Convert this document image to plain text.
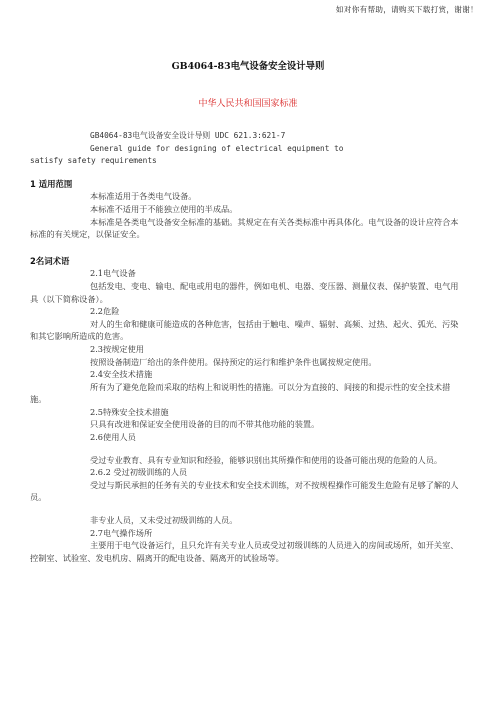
如对你有帮助，请购买下载打赏，谢谢！
GB4064-83电气设备安全设计导则
中华人民共和国国家标准

GB4064-83电气设备安全设计导则 UDC 621.3:621-7

General guide for designing of electrical equipment to

satisfy safety requirements

1 适用范围

本标准适用于各类电气设备。

本标准不适用于不能独立使用的半成品。

本标准是各类电气设备安全标准的基础。其规定在有关各类标准中再具体化。电气设备的设计应符合本标准的有关规定，以保证安全。

2名词术语

2.1电气设备

包括发电、变电、输电、配电或用电的器件，例如电机、电器、变压器、测量仪表、保护装置、电气用具（以下简称设备）。

2.2危险

对人的生命和健康可能造成的各种危害，包括由于触电、噪声、辐射、高频、过热、起火、弧光、污染和其它影响所造成的危害。

2.3按规定使用

按照设备制造厂给出的条件使用。保持预定的运行和维护条件也属按规定使用。

2.4安全技术措施

所有为了避免危险而采取的结构上和说明性的措施。可以分为直接的、间接的和提示性的安全技术措施。

2.5特殊安全技术措施

只具有改进和保证安全使用设备的目的而不带其他功能的装置。

2.6使用人员

受过专业教育、具有专业知识和经验，能够识别出其所操作和使用的设备可能出现的危险的人员。

2.6.2 受过初级训练的人员

受过与斯民承担的任务有关的专业技术和安全技术训练，对不按规程操作可能发生危险有足够了解的人员。

非专业人员，又未受过初级训练的人员。

2.7电气操作场所

主要用于电气设备运行，且只允许有关专业人员或受过初级训练的人员进入的房间或场所，如开关室、控制室、试验室、发电机房、隔离开的配电设备、隔离开的试验场等。
